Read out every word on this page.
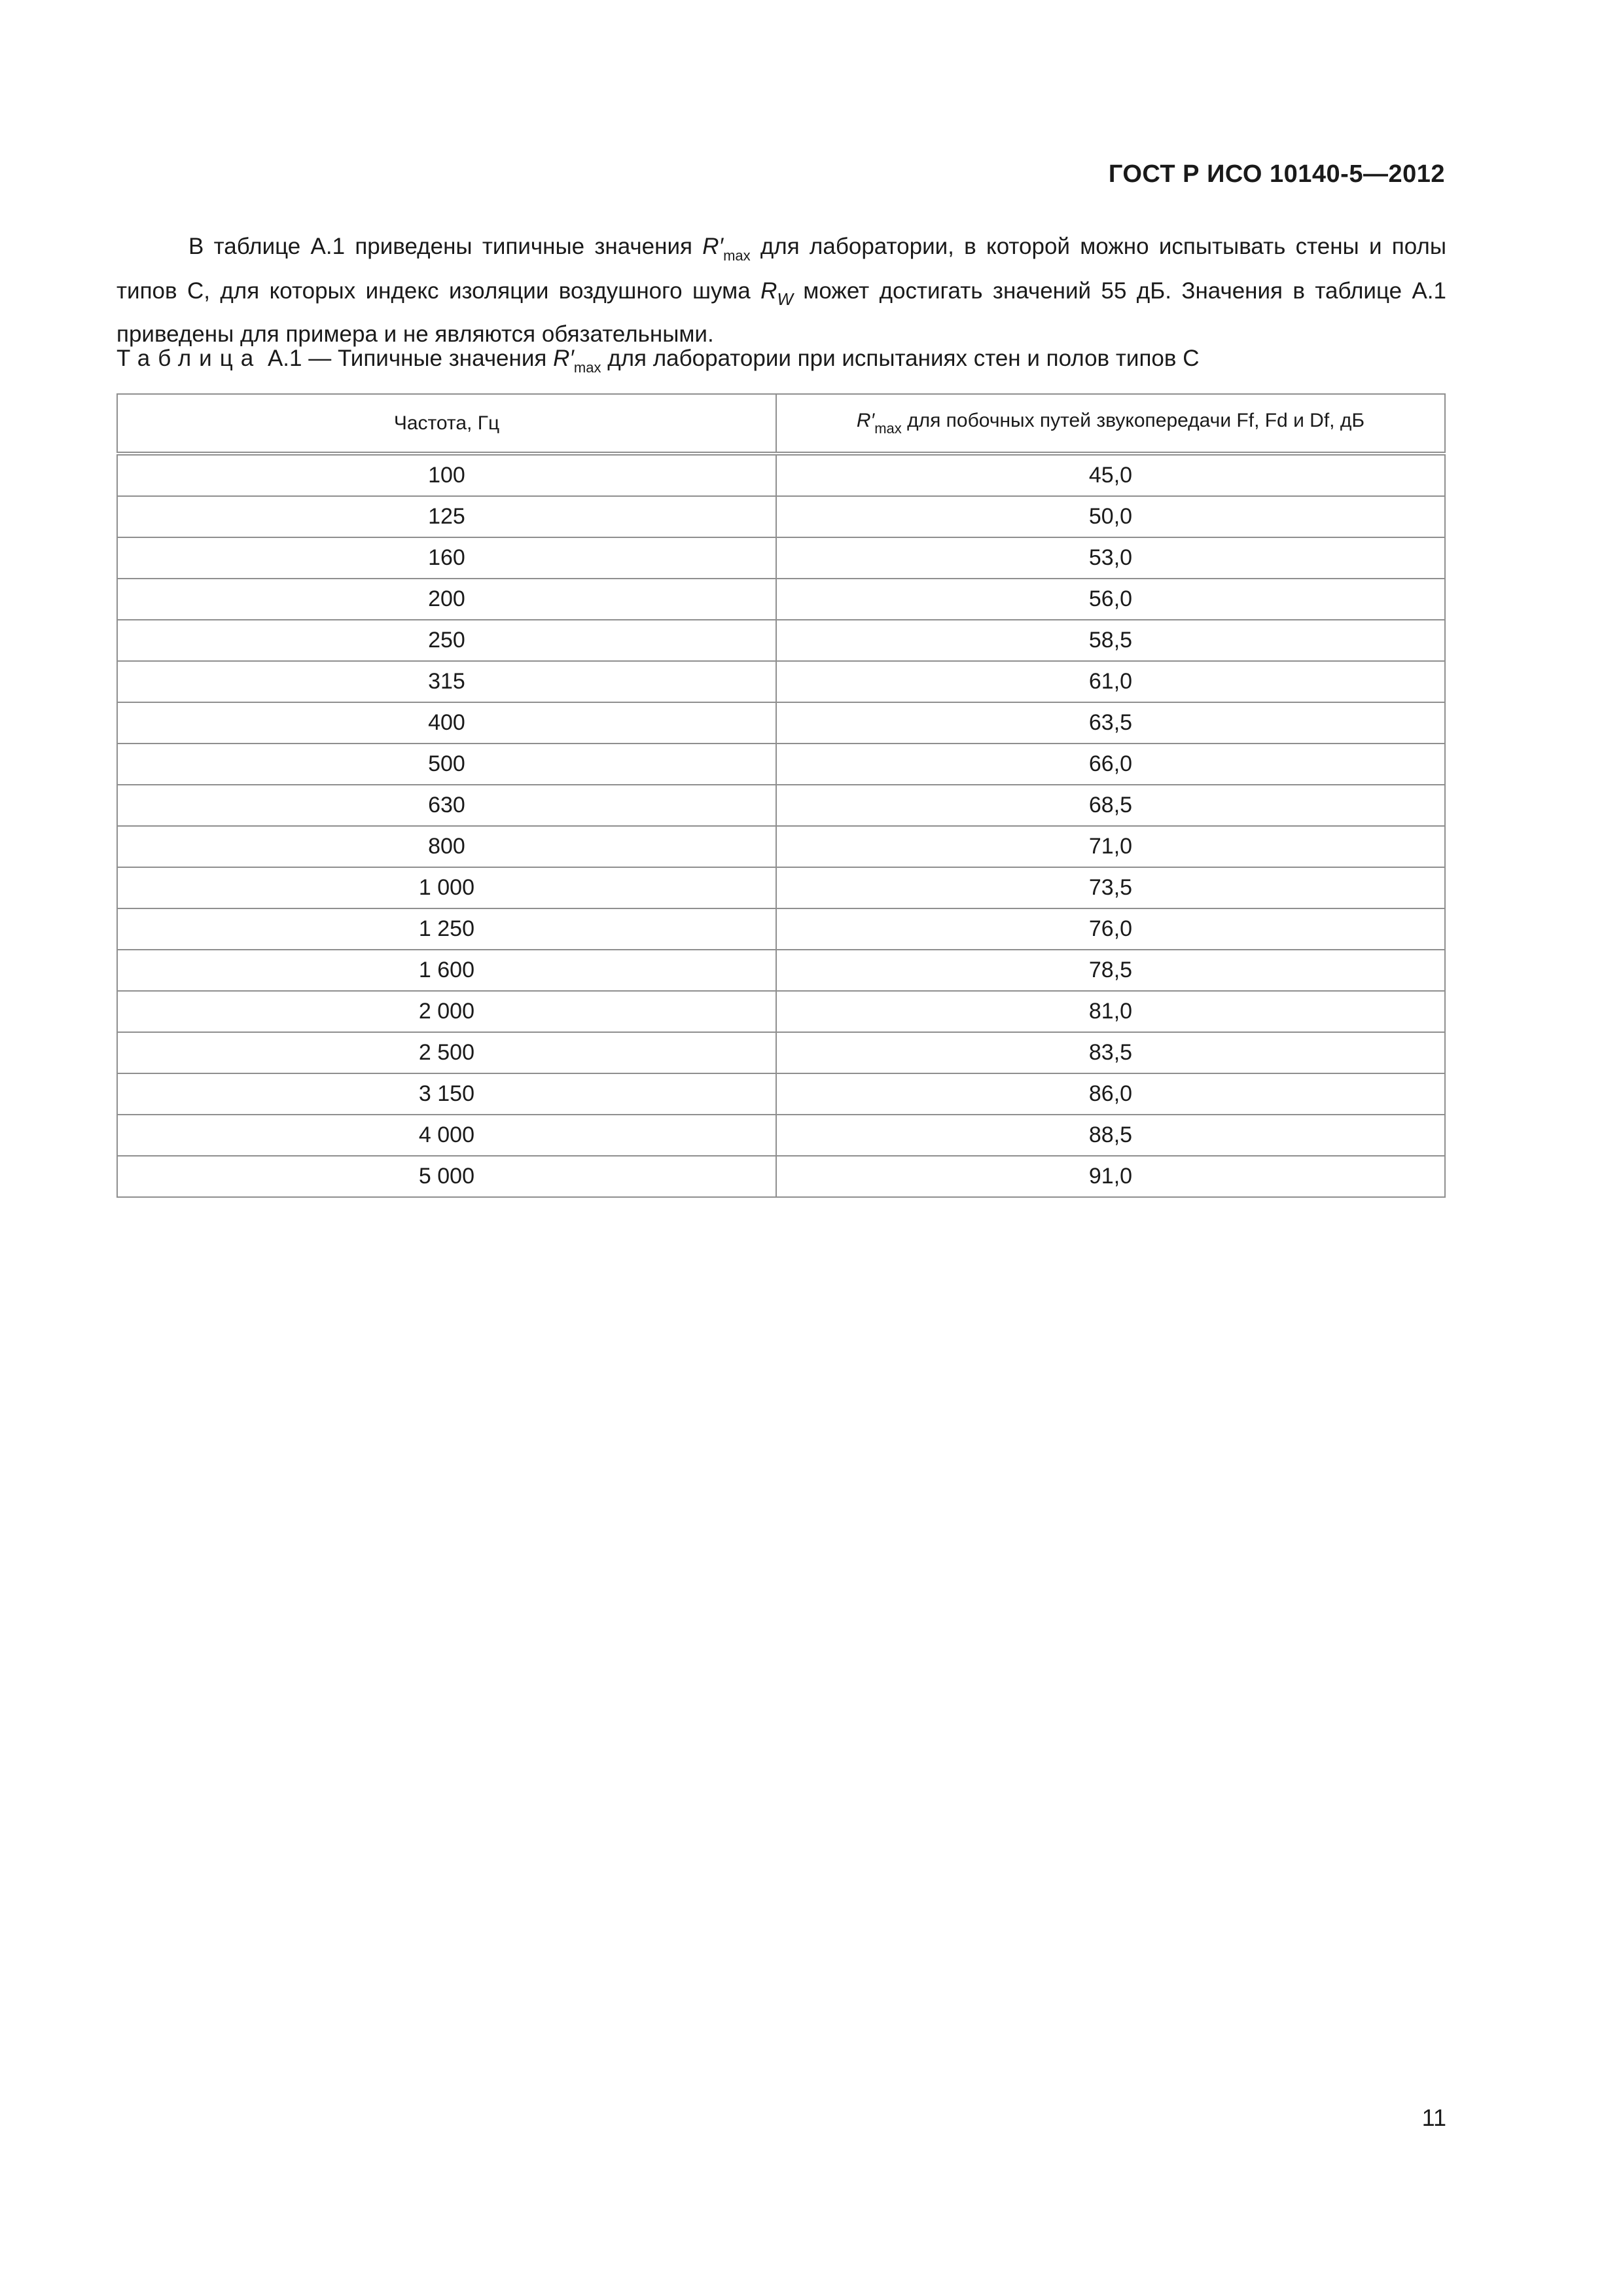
ГОСТ Р ИСО 10140-5—2012

В таблице А.1 приведены типичные значения $R'_{max}$ для лаборатории, в которой можно испытывать стены и полы типов С, для которых индекс изоляции воздушного шума $R_W$ может достигать значений 55 дБ. Значения в таблице А.1 приведены для примера и не являются обязательными.

Таблица А.1 — Типичные значения $R'_{max}$ для лаборатории при испытаниях стен и полов типов С
Частота, Гц	$R'_{max}$ для побочных путей звукопередачи Ff, Fd и Df, дБ
100	45,0
125	50,0
160	53,0
200	56,0
250	58,5
315	61,0
400	63,5
500	66,0
630	68,5
800	71,0
1 000	73,5
1 250	76,0
1 600	78,5
2 000	81,0
2 500	83,5
3 150	86,0
4 000	88,5
5 000	91,0
11
